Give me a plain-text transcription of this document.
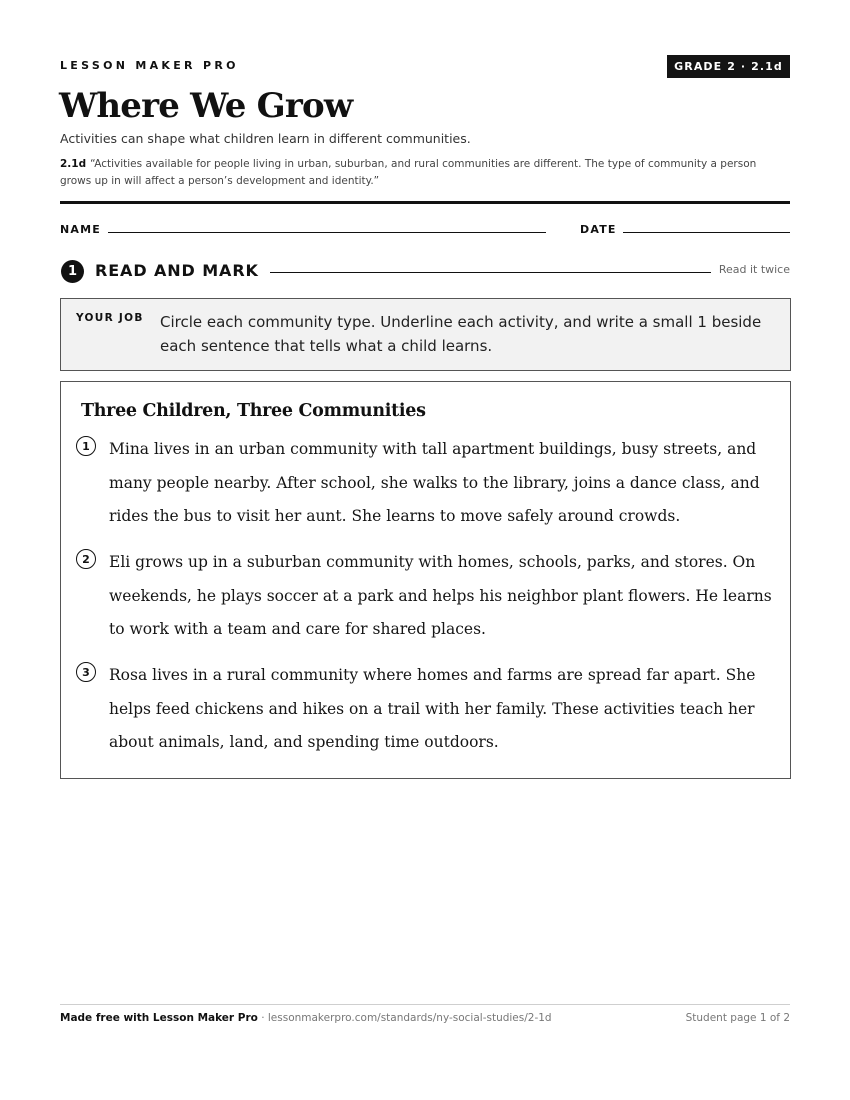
LESSON MAKER PRO	GRADE 2 · 2.1d
Where We Grow
Activities can shape what children learn in different communities.
2.1d “Activities available for people living in urban, suburban, and rural communities are different. The type of community a person grows up in will affect a person’s development and identity.”
NAME	DATE
1	READ AND MARK	Read it twice
YOUR JOB Circle each community type. Underline each activity, and write a small 1 beside each sentence that tells what a child learns.
Three Children, Three Communities
1	Mina lives in an urban community with tall apartment buildings, busy streets, and many people nearby. After school, she walks to the library, joins a dance class, and rides the bus to visit her aunt. She learns to move safely around crowds.

2	Eli grows up in a suburban community with homes, schools, parks, and stores. On weekends, he plays soccer at a park and helps his neighbor plant flowers. He learns to work with a team and care for shared places.

3	Rosa lives in a rural community where homes and farms are spread far apart. She helps feed chickens and hikes on a trail with her family. These activities teach her about animals, land, and spending time outdoors.

Made free with Lesson Maker Pro · lessonmakerpro.com/standards/ny-social-studies/2-1d	Student page 1 of 2
